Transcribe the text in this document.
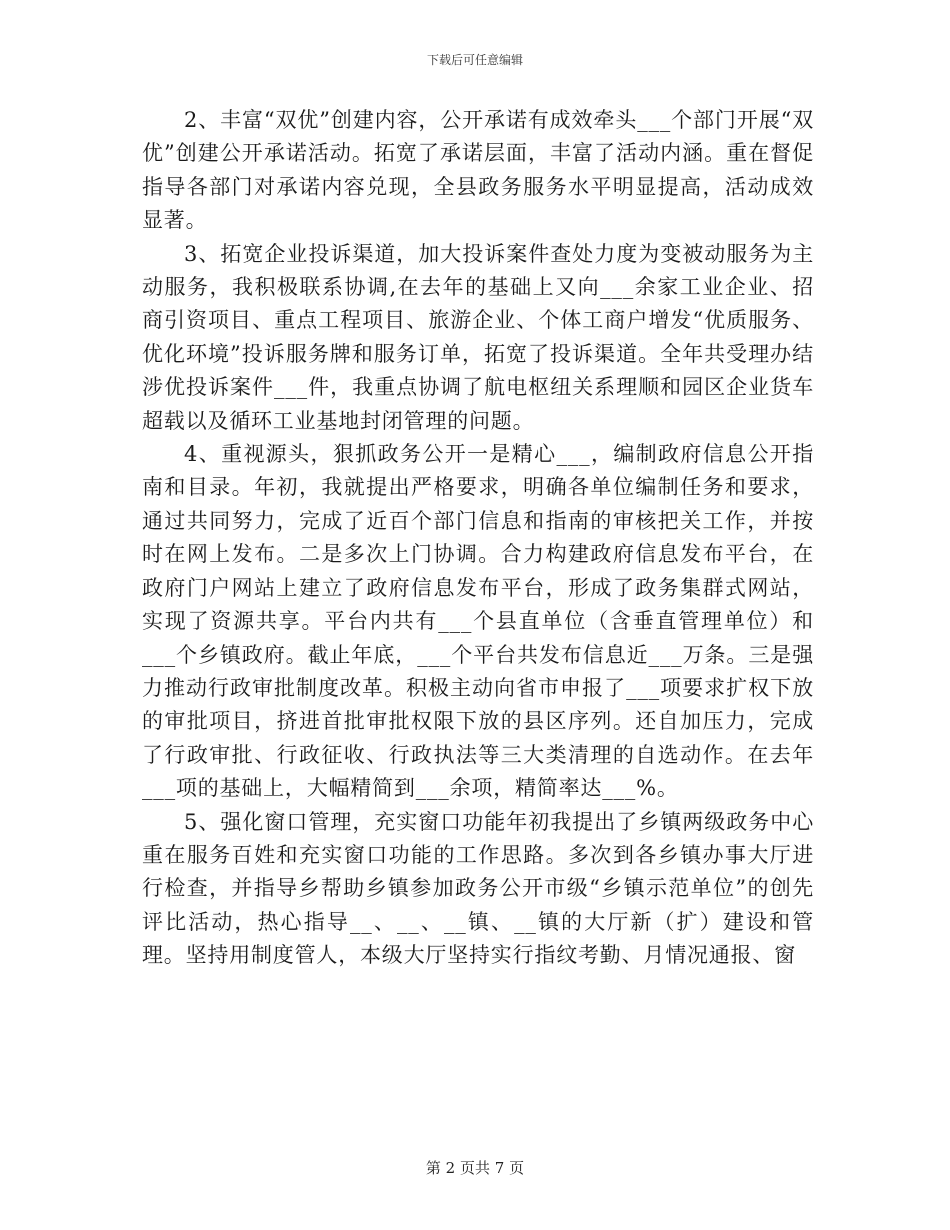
下载后可任意编辑

2、丰富“双优”创建内容，公开承诺有成效牵头___个部门开展“双优”创建公开承诺活动。拓宽了承诺层面，丰富了活动内涵。重在督促指导各部门对承诺内容兑现，全县政务服务水平明显提高，活动成效显著。

3、拓宽企业投诉渠道，加大投诉案件查处力度为变被动服务为主动服务，我积极联系协调,在去年的基础上又向___余家工业企业、招商引资项目、重点工程项目、旅游企业、个体工商户增发“优质服务、优化环境”投诉服务牌和服务订单，拓宽了投诉渠道。全年共受理办结涉优投诉案件___件，我重点协调了航电枢纽关系理顺和园区企业货车超载以及循环工业基地封闭管理的问题。

4、重视源头，狠抓政务公开一是精心___，编制政府信息公开指南和目录。年初，我就提出严格要求，明确各单位编制任务和要求，通过共同努力，完成了近百个部门信息和指南的审核把关工作，并按时在网上发布。二是多次上门协调。合力构建政府信息发布平台，在政府门户网站上建立了政府信息发布平台，形成了政务集群式网站，实现了资源共享。平台内共有___个县直单位（含垂直管理单位）和___个乡镇政府。截止年底，___个平台共发布信息近___万条。三是强力推动行政审批制度改革。积极主动向省市申报了___项要求扩权下放的审批项目，挤进首批审批权限下放的县区序列。还自加压力，完成了行政审批、行政征收、行政执法等三大类清理的自选动作。在去年___项的基础上，大幅精简到___余项，精简率达___%。

5、强化窗口管理，充实窗口功能年初我提出了乡镇两级政务中心重在服务百姓和充实窗口功能的工作思路。多次到各乡镇办事大厅进行检查，并指导乡帮助乡镇参加政务公开市级“乡镇示范单位”的创先评比活动，热心指导__、__、__镇、__镇的大厅新（扩）建设和管理。坚持用制度管人，本级大厅坚持实行指纹考勤、月情况通报、窗

第 2 页共 7 页
